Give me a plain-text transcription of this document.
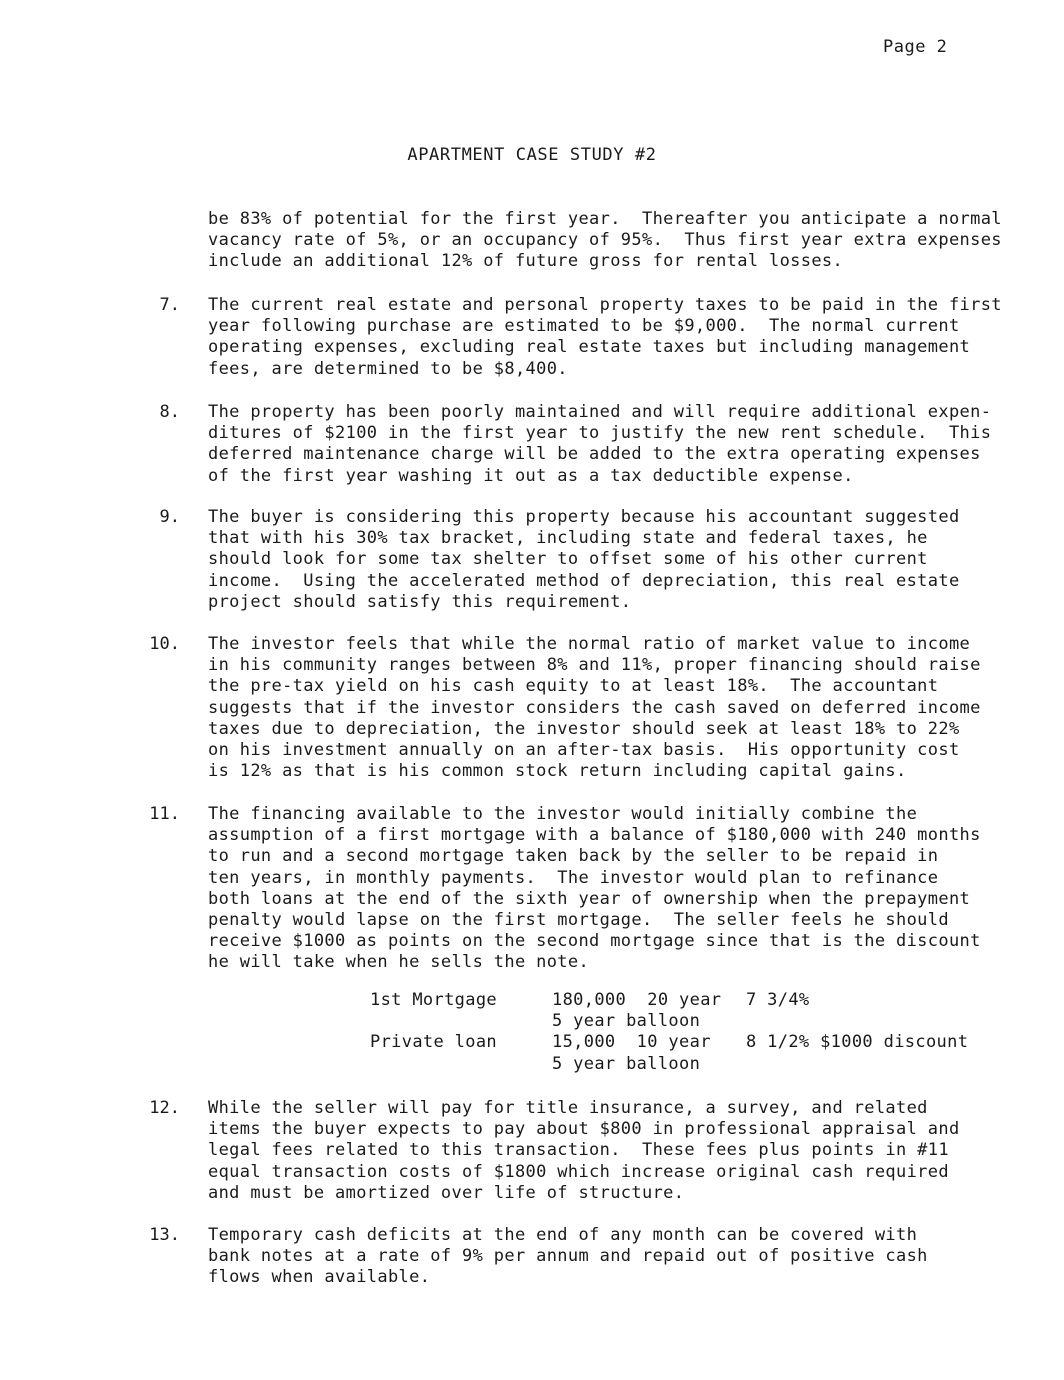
Page 2
APARTMENT CASE STUDY #2
be 83% of potential for the first year.  Thereafter you anticipate a normal
vacancy rate of 5%, or an occupancy of 95%.  Thus first year extra expenses
include an additional 12% of future gross for rental losses.
7. The current real estate and personal property taxes to be paid in the first
year following purchase are estimated to be $9,000.  The normal current
operating expenses, excluding real estate taxes but including management
fees, are determined to be $8,400.
8. The property has been poorly maintained and will require additional expen-
ditures of $2100 in the first year to justify the new rent schedule.  This
deferred maintenance charge will be added to the extra operating expenses
of the first year washing it out as a tax deductible expense.
9. The buyer is considering this property because his accountant suggested
that with his 30% tax bracket, including state and federal taxes, he
should look for some tax shelter to offset some of his other current
income.  Using the accelerated method of depreciation, this real estate
project should satisfy this requirement.
10. The investor feels that while the normal ratio of market value to income
in his community ranges between 8% and 11%, proper financing should raise
the pre-tax yield on his cash equity to at least 18%.  The accountant
suggests that if the investor considers the cash saved on deferred income
taxes due to depreciation, the investor should seek at least 18% to 22%
on his investment annually on an after-tax basis.  His opportunity cost
is 12% as that is his common stock return including capital gains.
11. The financing available to the investor would initially combine the
assumption of a first mortgage with a balance of $180,000 with 240 months
to run and a second mortgage taken back by the seller to be repaid in
ten years, in monthly payments.  The investor would plan to refinance
both loans at the end of the sixth year of ownership when the prepayment
penalty would lapse on the first mortgage.  The seller feels he should
receive $1000 as points on the second mortgage since that is the discount
he will take when he sells the note.
1st Mortgage	180,000  20 year
5 year balloon
7 3/4%
Private loan	15,000  10 year
5 year balloon
8 1/2% $1000 discount
12. While the seller will pay for title insurance, a survey, and related
items the buyer expects to pay about $800 in professional appraisal and
legal fees related to this transaction.  These fees plus points in #11
equal transaction costs of $1800 which increase original cash required
and must be amortized over life of structure.
13. Temporary cash deficits at the end of any month can be covered with
bank notes at a rate of 9% per annum and repaid out of positive cash
flows when available.
